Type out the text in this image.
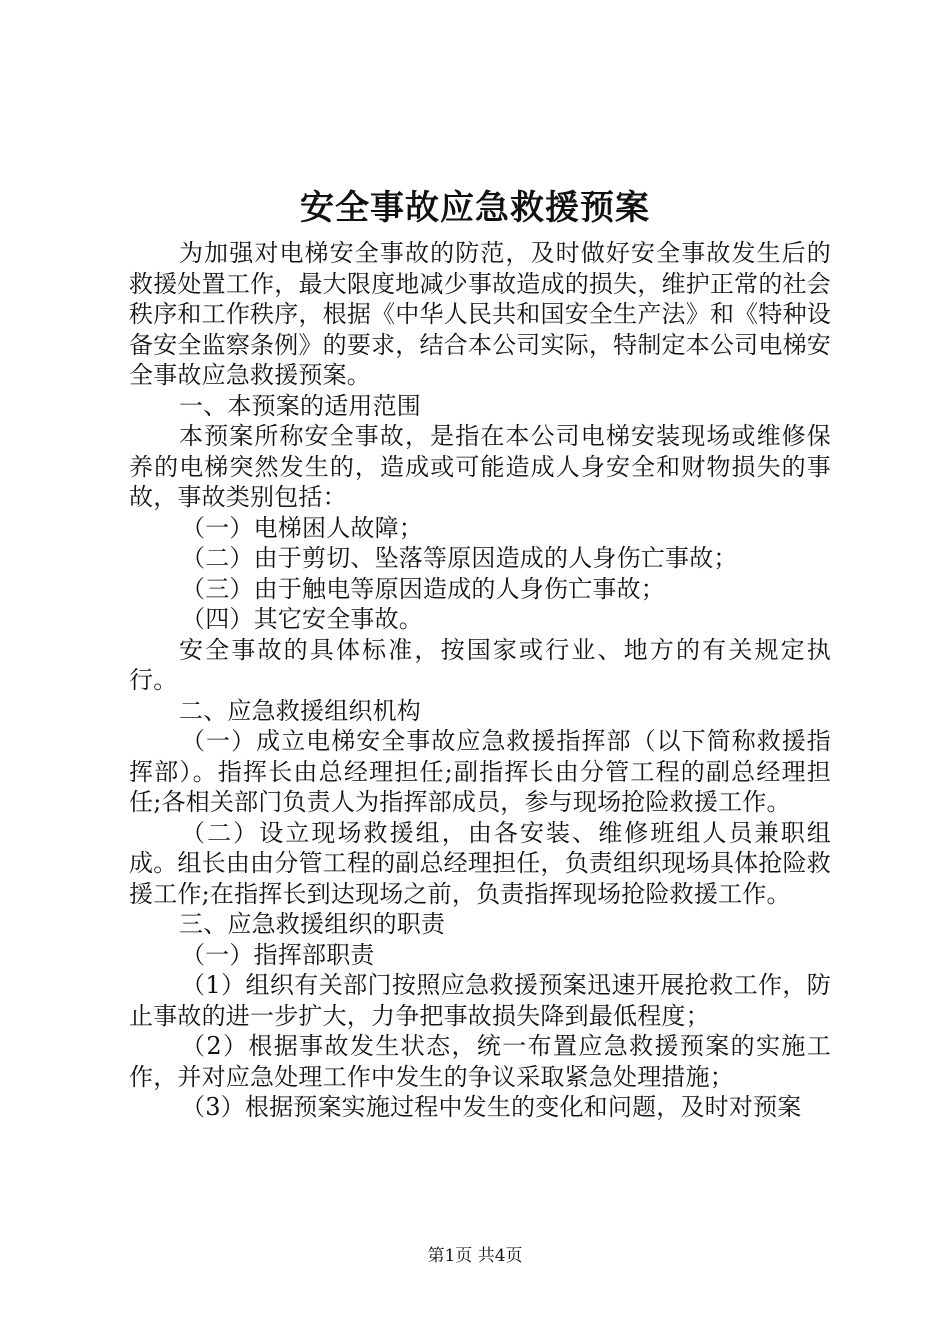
安全事故应急救援预案

为加强对电梯安全事故的防范，及时做好安全事故发生后的救援处置工作，最大限度地减少事故造成的损失，维护正常的社会秩序和工作秩序，根据《中华人民共和国安全生产法》和《特种设备安全监察条例》的要求，结合本公司实际，特制定本公司电梯安全事故应急救援预案。

一、本预案的适用范围

本预案所称安全事故，是指在本公司电梯安装现场或维修保养的电梯突然发生的，造成或可能造成人身安全和财物损失的事故，事故类别包括：

（一）电梯困人故障；

（二）由于剪切、坠落等原因造成的人身伤亡事故；

（三）由于触电等原因造成的人身伤亡事故；

（四）其它安全事故。

安全事故的具体标准，按国家或行业、地方的有关规定执行。

二、应急救援组织机构

（一）成立电梯安全事故应急救援指挥部（以下简称救援指挥部）。指挥长由总经理担任;副指挥长由分管工程的副总经理担任;各相关部门负责人为指挥部成员，参与现场抢险救援工作。

（二）设立现场救援组，由各安装、维修班组人员兼职组成。组长由由分管工程的副总经理担任，负责组织现场具体抢险救援工作;在指挥长到达现场之前，负责指挥现场抢险救援工作。

三、应急救援组织的职责

（一）指挥部职责

（1）组织有关部门按照应急救援预案迅速开展抢救工作，防止事故的进一步扩大，力争把事故损失降到最低程度；

（2）根据事故发生状态，统一布置应急救援预案的实施工作，并对应急处理工作中发生的争议采取紧急处理措施；

（3）根据预案实施过程中发生的变化和问题，及时对预案

第1页 共4页
